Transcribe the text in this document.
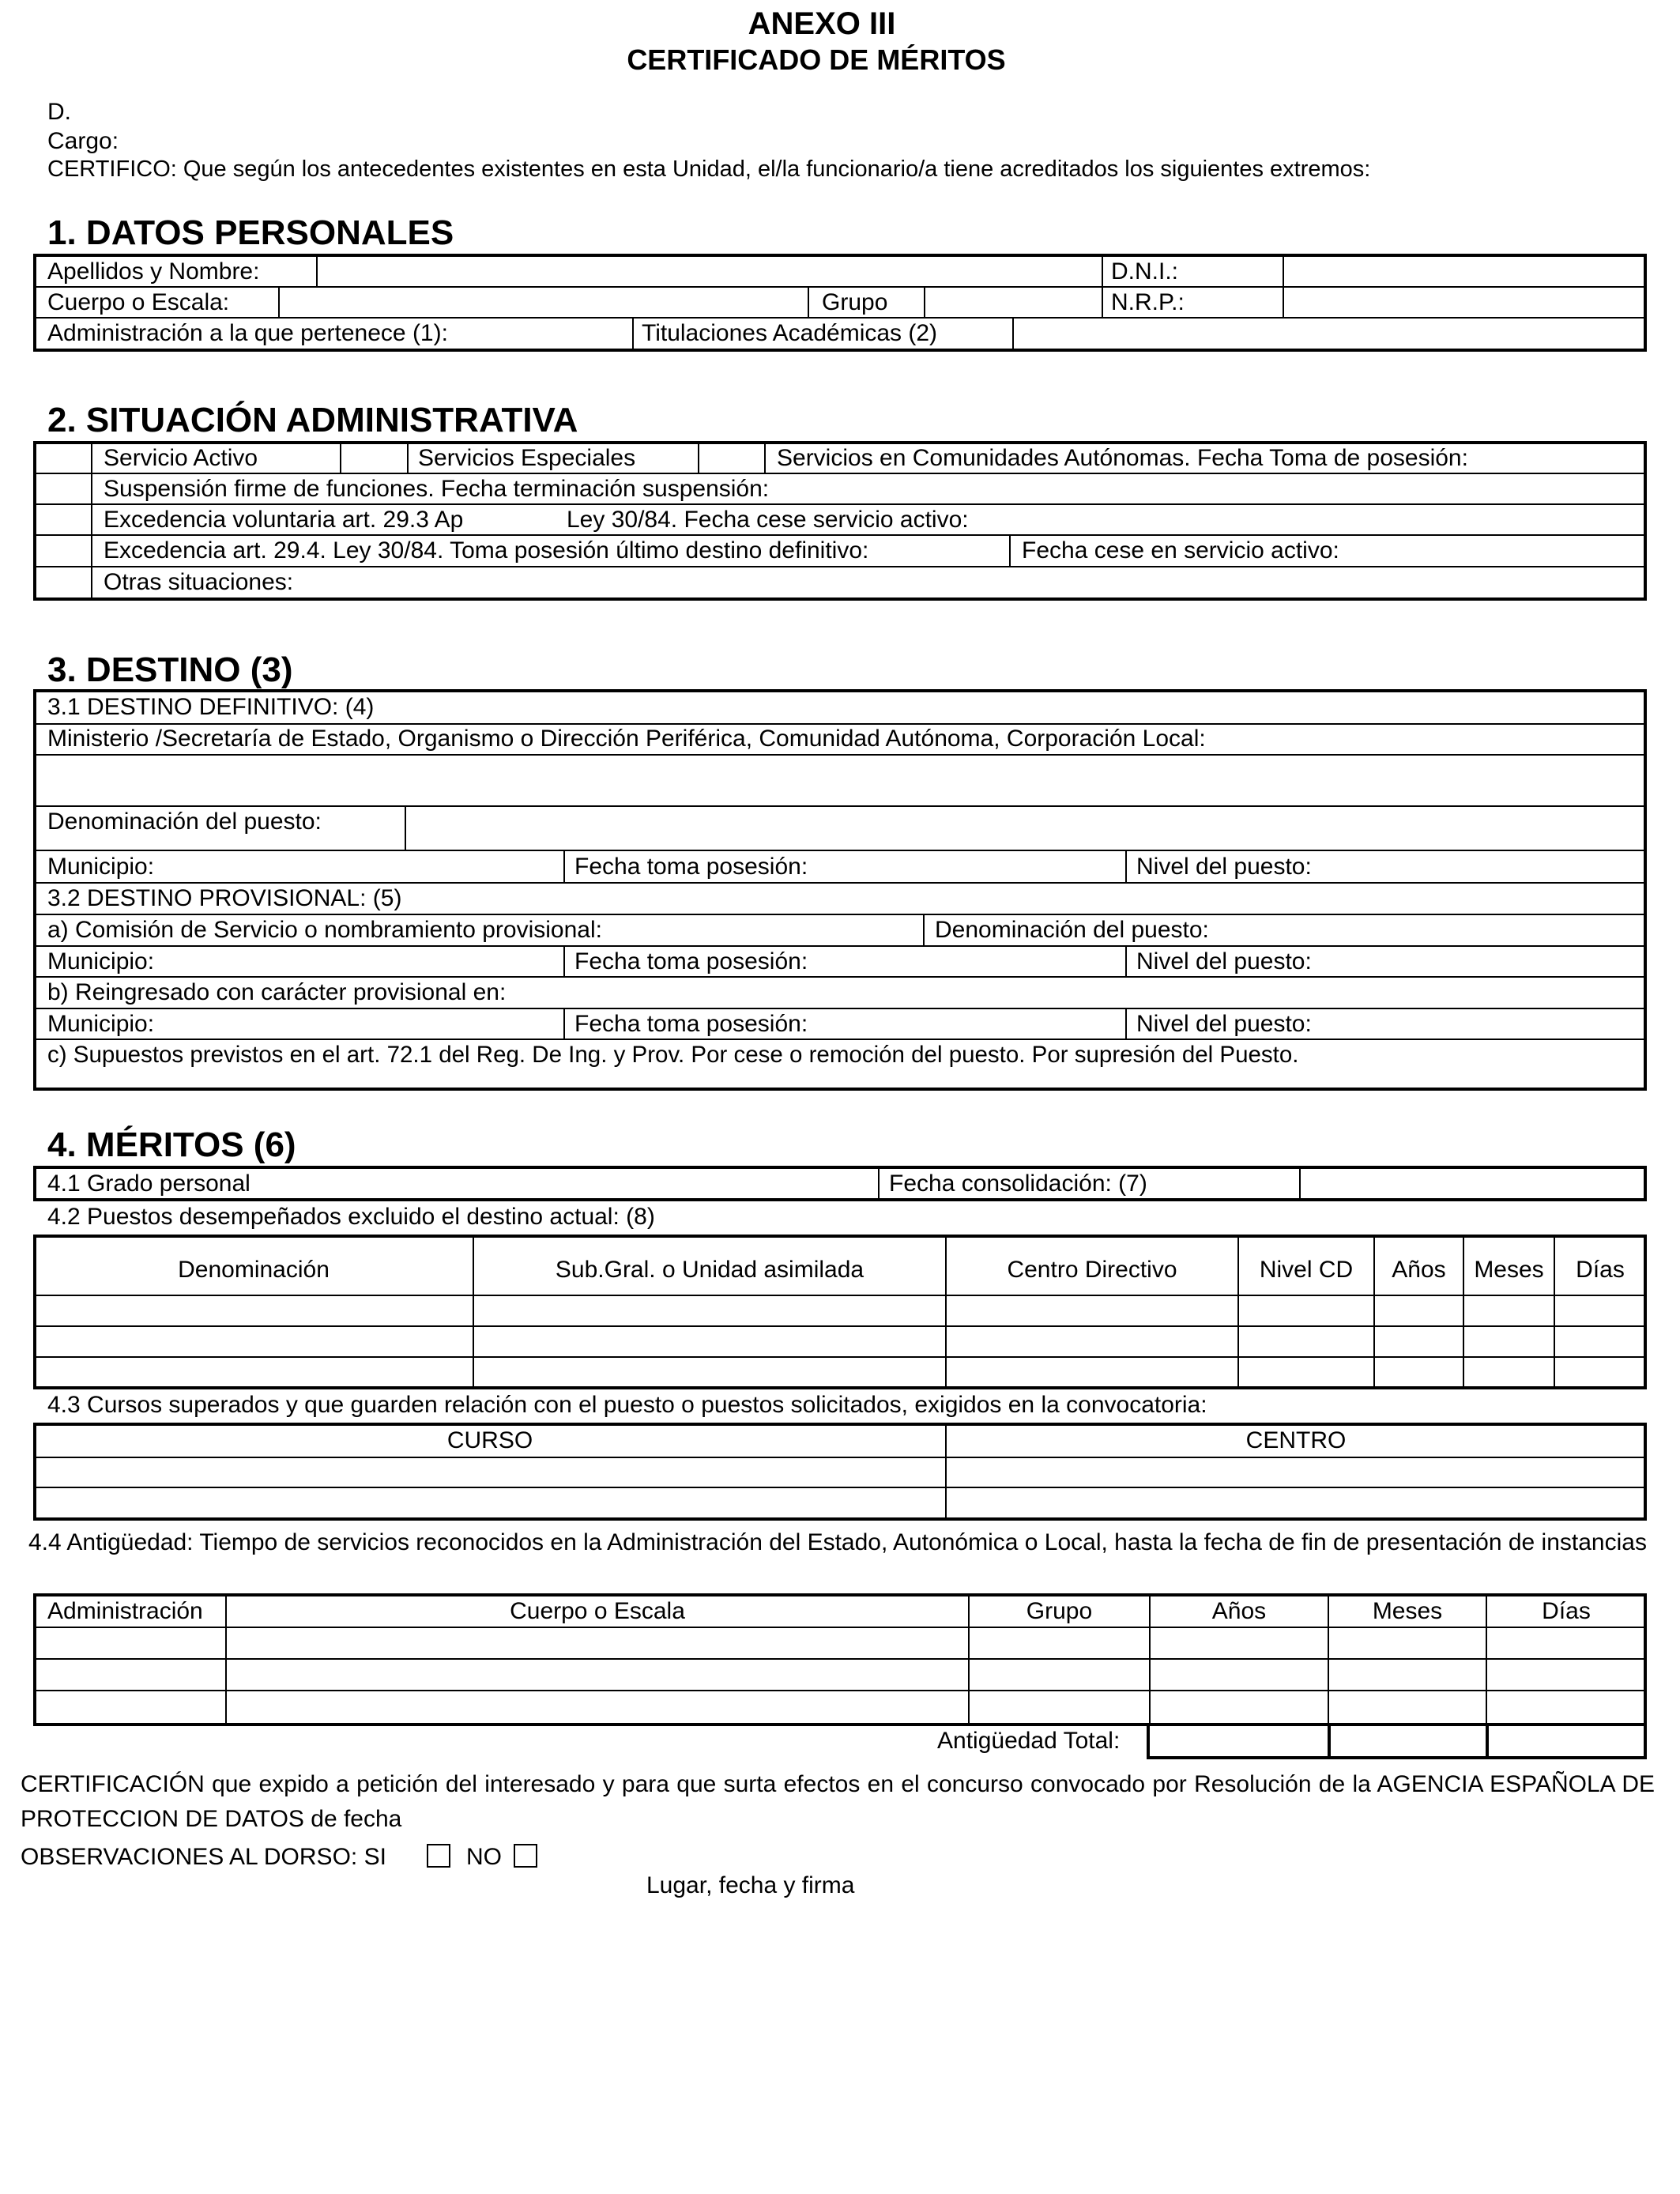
ANEXO III
CERTIFICADO DE MÉRITOS
D.
Cargo:
CERTIFICO: Que según los antecedentes existentes en esta Unidad, el/la funcionario/a tiene acreditados los siguientes extremos:
1. DATOS PERSONALES
Apellidos y Nombre:	D.N.I.:
Cuerpo o Escala:	Grupo	N.R.P.:
Administración a la que pertenece (1):	Titulaciones Académicas (2)
2. SITUACIÓN ADMINISTRATIVA
Servicio Activo	Servicios Especiales	Servicios en Comunidades Autónomas. Fecha Toma de posesión:
Suspensión firme de funciones. Fecha terminación suspensión:
Excedencia voluntaria art. 29.3 Ap	Ley 30/84. Fecha cese servicio activo:
Excedencia art. 29.4. Ley 30/84. Toma posesión último destino definitivo:	Fecha cese en servicio activo:
Otras situaciones:
3. DESTINO (3)
3.1 DESTINO DEFINITIVO: (4)
Ministerio /Secretaría de Estado, Organismo o Dirección Periférica, Comunidad Autónoma, Corporación Local:
Denominación del puesto:
Municipio:	Fecha toma posesión:	Nivel del puesto:
3.2 DESTINO PROVISIONAL: (5)
a) Comisión de Servicio o nombramiento provisional:	Denominación del puesto:
Municipio:	Fecha toma posesión:	Nivel del puesto:
b) Reingresado con carácter provisional en:
Municipio:	Fecha toma posesión:	Nivel del puesto:
c) Supuestos previstos en el art. 72.1 del Reg. De Ing. y Prov. Por cese o remoción del puesto. Por supresión del Puesto.
4. MÉRITOS (6)
4.1 Grado personal	Fecha consolidación: (7)
4.2 Puestos desempeñados excluido el destino actual: (8)
Denominación	Sub.Gral. o Unidad asimilada	Centro Directivo	Nivel CD	Años	Meses	Días
4.3 Cursos superados y que guarden relación con el puesto o puestos solicitados, exigidos en la convocatoria:
CURSO	CENTRO
4.4 Antigüedad: Tiempo de servicios reconocidos en la Administración del Estado, Autonómica o Local, hasta la fecha de fin de presentación de instancias
Administración	Cuerpo o Escala	Grupo	Años	Meses	Días
Antigüedad Total:
CERTIFICACIÓN que expido a petición del interesado y para que surta efectos en el concurso convocado por Resolución de la AGENCIA ESPAÑOLA DE PROTECCION DE DATOS de fecha
OBSERVACIONES AL DORSO: SI	NO
Lugar, fecha y firma
